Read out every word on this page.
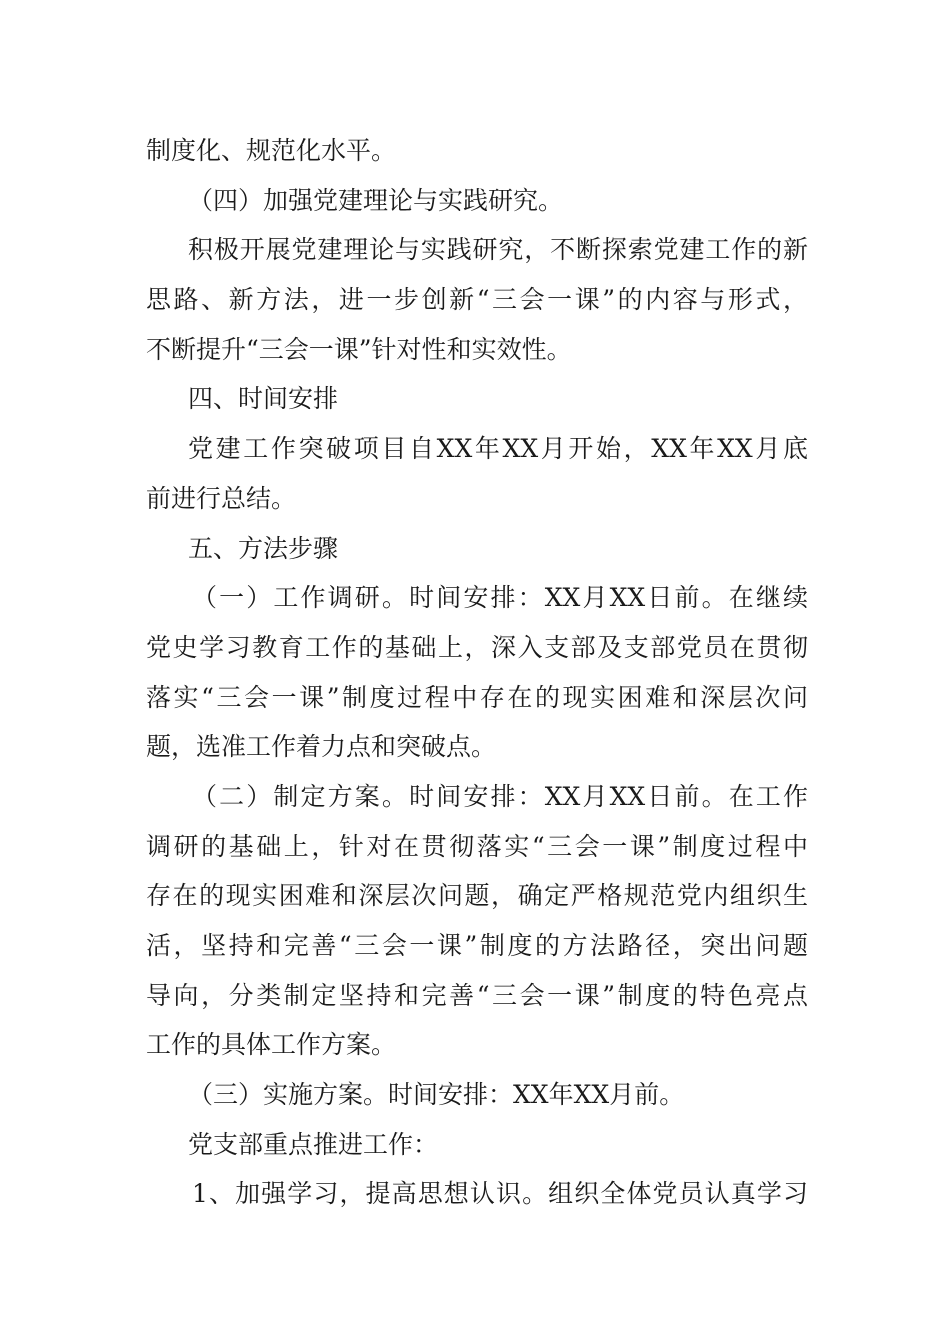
制度化、规范化水平。
（四）加强党建理论与实践研究。
积极开展党建理论与实践研究，不断探索党建工作的新
思路、新方法，进一步创新“三会一课”的内容与形式，
不断提升“三会一课”针对性和实效性。
四、时间安排
党建工作突破项目自XX年XX月开始，XX年XX月底
前进行总结。
五、方法步骤
（一）工作调研。时间安排：XX月XX日前。在继续
党史学习教育工作的基础上，深入支部及支部党员在贯彻
落实“三会一课”制度过程中存在的现实困难和深层次问
题，选准工作着力点和突破点。
（二）制定方案。时间安排：XX月XX日前。在工作
调研的基础上，针对在贯彻落实“三会一课”制度过程中
存在的现实困难和深层次问题，确定严格规范党内组织生
活，坚持和完善“三会一课”制度的方法路径，突出问题
导向，分类制定坚持和完善“三会一课”制度的特色亮点
工作的具体工作方案。
（三）实施方案。时间安排：XX年XX月前。
党支部重点推进工作：
1、加强学习，提高思想认识。组织全体党员认真学习
